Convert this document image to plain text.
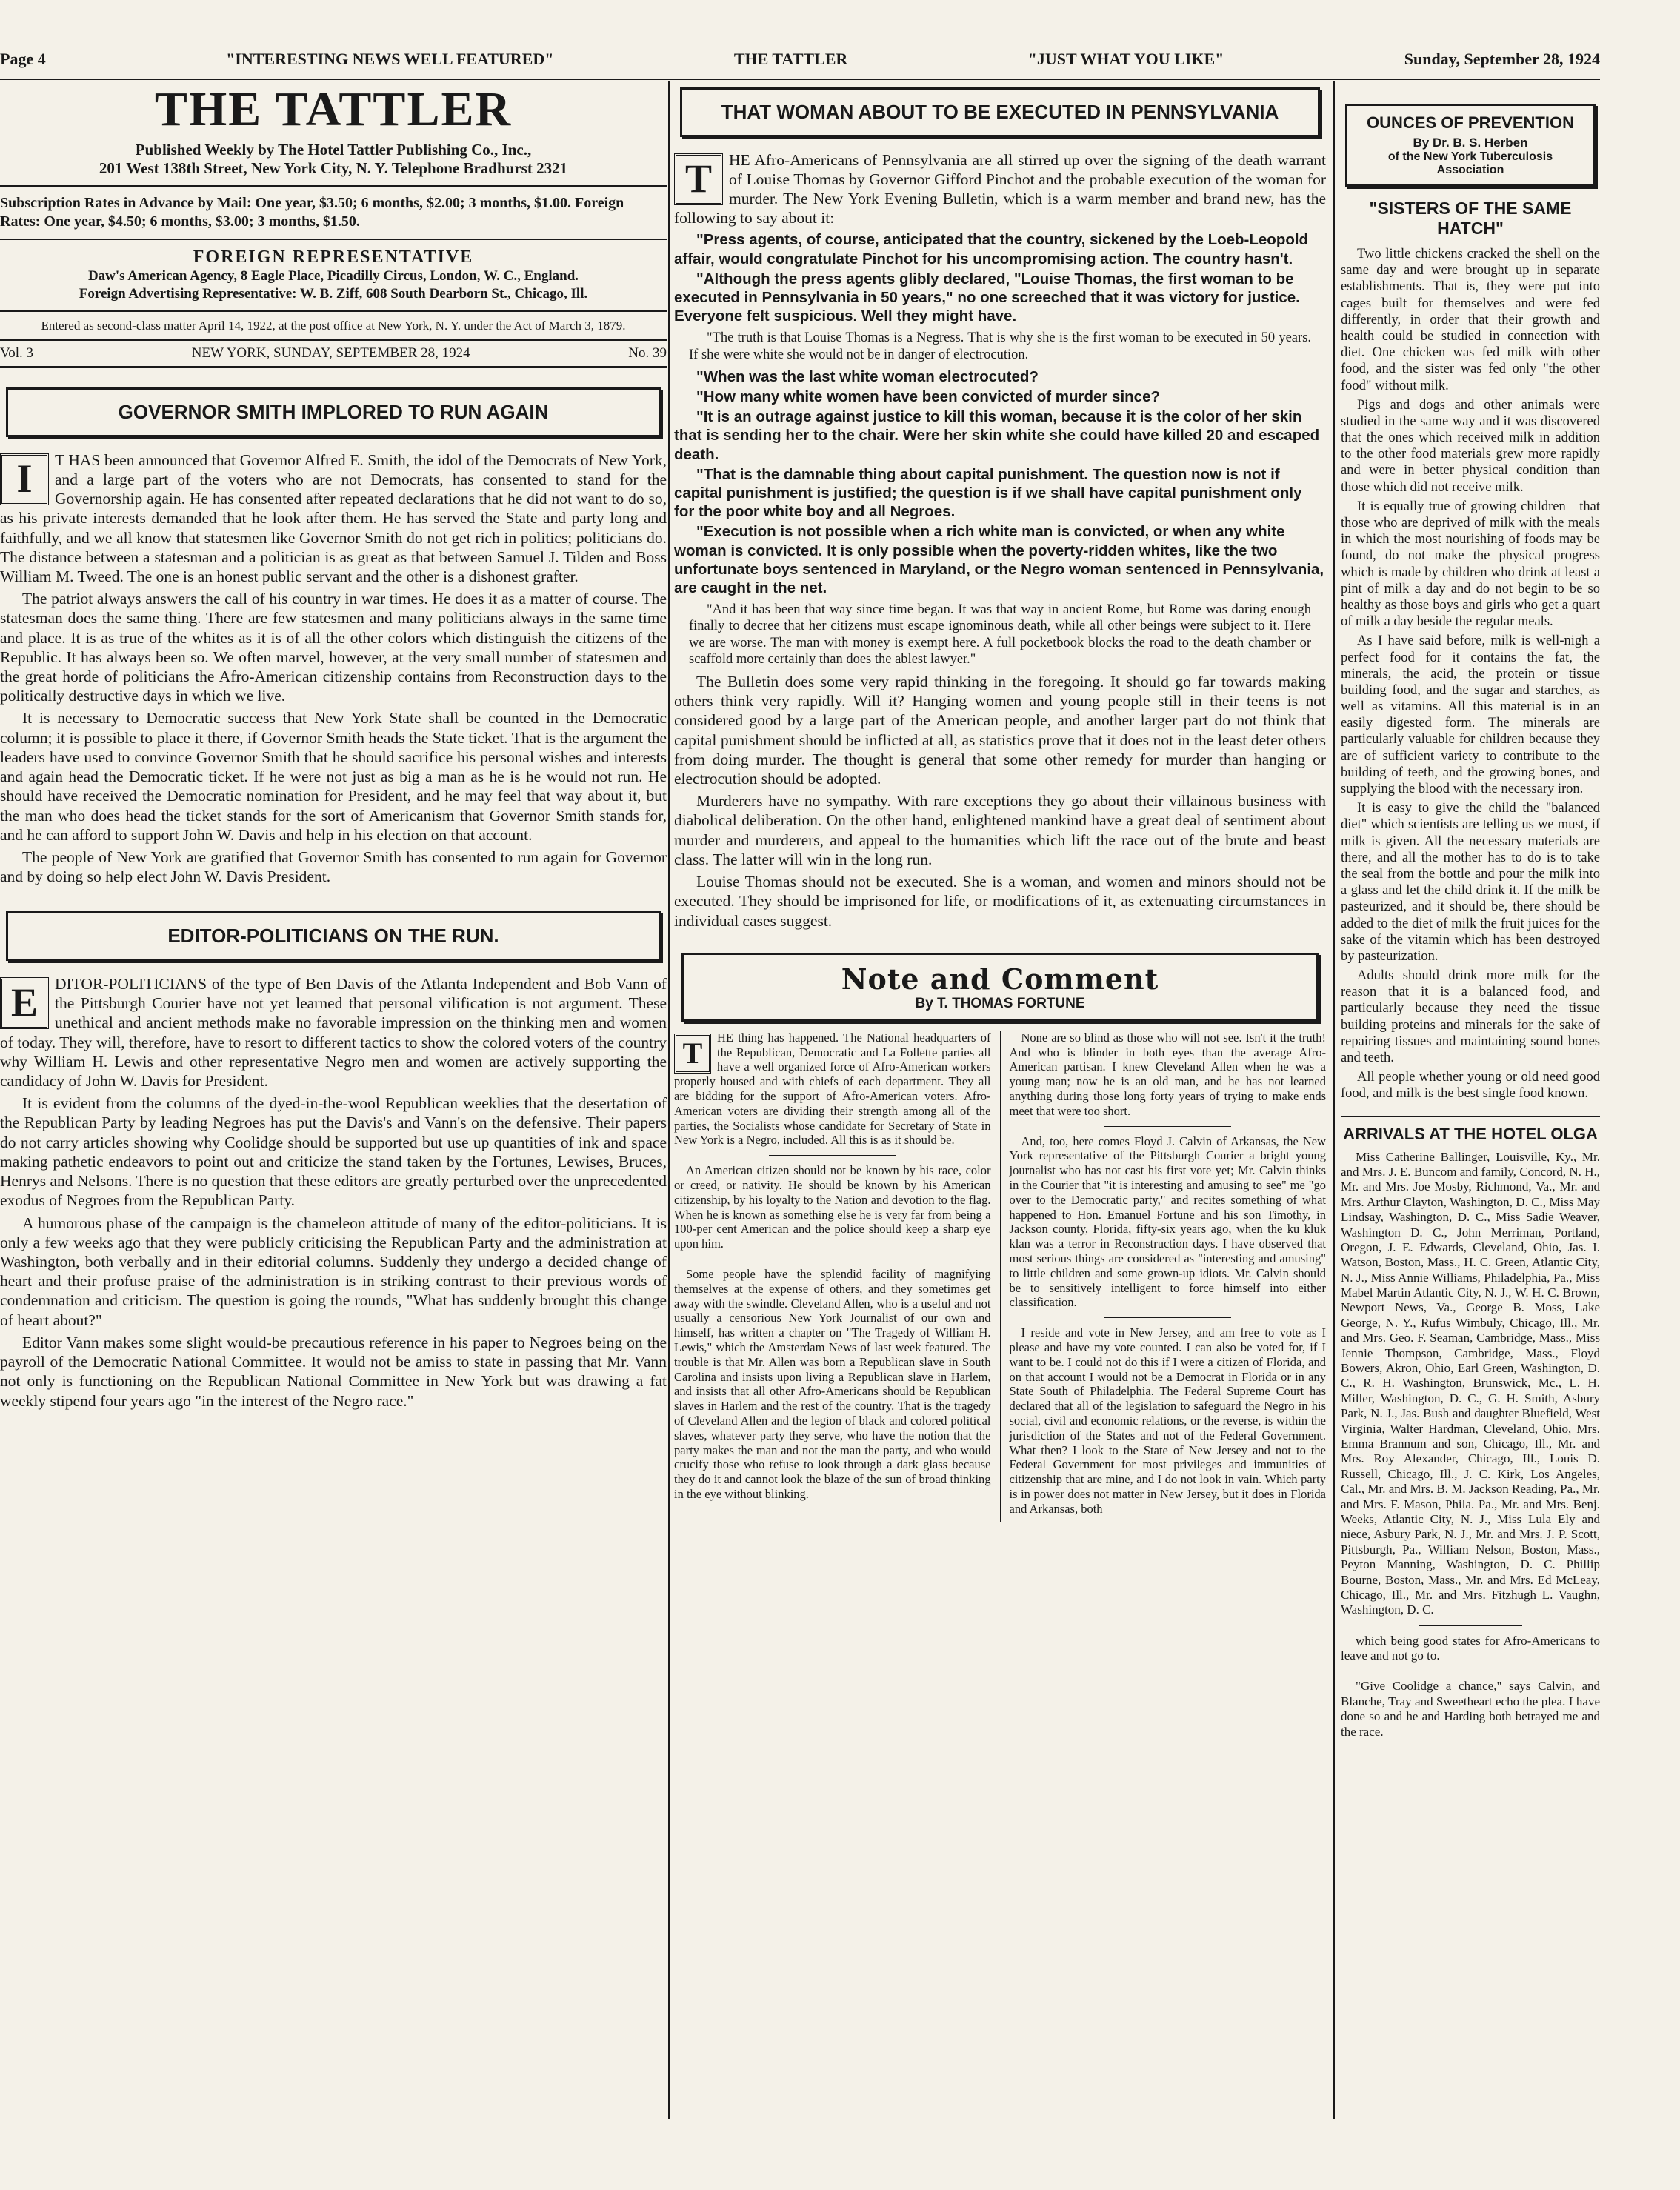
Page 4	"INTERESTING NEWS WELL FEATURED"	THE TATTLER	"JUST WHAT YOU LIKE"	Sunday, September 28, 1924
THE TATTLER
Published Weekly by The Hotel Tattler Publishing Co., Inc.,
201 West 138th Street, New York City, N. Y. Telephone Bradhurst 2321
Subscription Rates in Advance by Mail: One year, $3.50; 6 months, $2.00; 3 months, $1.00. Foreign Rates: One year, $4.50; 6 months, $3.00; 3 months, $1.50.
FOREIGN REPRESENTATIVE
Daw's American Agency, 8 Eagle Place, Picadilly Circus, London, W. C., England.
Foreign Advertising Representative: W. B. Ziff, 608 South Dearborn St., Chicago, Ill.
Entered as second-class matter April 14, 1922, at the post office at New York, N. Y. under the Act of March 3, 1879.
Vol. 3	NEW YORK, SUNDAY, SEPTEMBER 28, 1924	No. 39
GOVERNOR SMITH IMPLORED TO RUN AGAIN

I	T HAS been announced that Governor Alfred E. Smith, the idol of the Democrats of New York, and a large part of the voters who are not Democrats, has consented to stand for the Governorship again. He has consented after repeated declarations that he did not want to do so, as his private interests demanded that he look after them. He has served the State and party long and faithfully, and we all know that statesmen like Governor Smith do not get rich in politics; politicians do. The distance between a statesman and a politician is as great as that between Samuel J. Tilden and Boss William M. Tweed. The one is an honest public servant and the other is a dishonest grafter.

The patriot always answers the call of his country in war times. He does it as a matter of course. The statesman does the same thing. There are few statesmen and many politicians always in the same time and place. It is as true of the whites as it is of all the other colors which distinguish the citizens of the Republic. It has always been so. We often marvel, however, at the very small number of statesmen and the great horde of politicians the Afro-American citizenship contains from Reconstruction days to the politically destructive days in which we live.

It is necessary to Democratic success that New York State shall be counted in the Democratic column; it is possible to place it there, if Governor Smith heads the State ticket. That is the argument the leaders have used to convince Governor Smith that he should sacrifice his personal wishes and interests and again head the Democratic ticket. If he were not just as big a man as he is he would not run. He should have received the Democratic nomination for President, and he may feel that way about it, but the man who does head the ticket stands for the sort of Americanism that Governor Smith stands for, and he can afford to support John W. Davis and help in his election on that account.

The people of New York are gratified that Governor Smith has consented to run again for Governor and by doing so help elect John W. Davis President.

EDITOR-POLITICIANS ON THE RUN.

E	DITOR-POLITICIANS of the type of Ben Davis of the Atlanta Independent and Bob Vann of the Pittsburgh Courier have not yet learned that personal vilification is not argument. These unethical and ancient methods make no favorable impression on the thinking men and women of today. They will, therefore, have to resort to different tactics to show the colored voters of the country why William H. Lewis and other representative Negro men and women are actively supporting the candidacy of John W. Davis for President.

It is evident from the columns of the dyed-in-the-wool Republican weeklies that the desertation of the Republican Party by leading Negroes has put the Davis's and Vann's on the defensive. Their papers do not carry articles showing why Coolidge should be supported but use up quantities of ink and space making pathetic endeavors to point out and criticize the stand taken by the Fortunes, Lewises, Bruces, Henrys and Nelsons. There is no question that these editors are greatly perturbed over the unprecedented exodus of Negroes from the Republican Party.

A humorous phase of the campaign is the chameleon attitude of many of the editor-politicians. It is only a few weeks ago that they were publicly criticising the Republican Party and the administration at Washington, both verbally and in their editorial columns. Suddenly they undergo a decided change of heart and their profuse praise of the administration is in striking contrast to their previous words of condemnation and criticism. The question is going the rounds, "What has suddenly brought this change of heart about?"

Editor Vann makes some slight would-be precautious reference in his paper to Negroes being on the payroll of the Democratic National Committee. It would not be amiss to state in passing that Mr. Vann not only is functioning on the Republican National Committee in New York but was drawing a fat weekly stipend four years ago "in the interest of the Negro race."

THAT WOMAN ABOUT TO BE EXECUTED IN PENNSYLVANIA

T	HE Afro-Americans of Pennsylvania are all stirred up over the signing of the death warrant of Louise Thomas by Governor Gifford Pinchot and the probable execution of the woman for murder. The New York Evening Bulletin, which is a warm member and brand new, has the following to say about it:

"Press agents, of course, anticipated that the country, sickened by the Loeb-Leopold affair, would congratulate Pinchot for his uncompromising action. The country hasn't.

"Although the press agents glibly declared, "Louise Thomas, the first woman to be executed in Pennsylvania in 50 years," no one screeched that it was victory for justice. Everyone felt suspicious. Well they might have.

"The truth is that Louise Thomas is a Negress. That is why she is the first woman to be executed in 50 years. If she were white she would not be in danger of electrocution.

"When was the last white woman electrocuted?

"How many white women have been convicted of murder since?

"It is an outrage against justice to kill this woman, because it is the color of her skin that is sending her to the chair. Were her skin white she could have killed 20 and escaped death.

"That is the damnable thing about capital punishment. The question now is not if capital punishment is justified; the question is if we shall have capital punishment only for the poor white boy and all Negroes.

"Execution is not possible when a rich white man is convicted, or when any white woman is convicted. It is only possible when the poverty-ridden whites, like the two unfortunate boys sentenced in Maryland, or the Negro woman sentenced in Pennsylvania, are caught in the net.

"And it has been that way since time began. It was that way in ancient Rome, but Rome was daring enough finally to decree that her citizens must escape ignominous death, while all other beings were subject to it. Here we are worse. The man with money is exempt here. A full pocketbook blocks the road to the death chamber or scaffold more certainly than does the ablest lawyer."

The Bulletin does some very rapid thinking in the foregoing. It should go far towards making others think very rapidly. Will it? Hanging women and young people still in their teens is not considered good by a large part of the American people, and another larger part do not think that capital punishment should be inflicted at all, as statistics prove that it does not in the least deter others from doing murder. The thought is general that some other remedy for murder than hanging or electrocution should be adopted.

Murderers have no sympathy. With rare exceptions they go about their villainous business with diabolical deliberation. On the other hand, enlightened mankind have a great deal of sentiment about murder and murderers, and appeal to the humanities which lift the race out of the brute and beast class. The latter will win in the long run.

Louise Thomas should not be executed. She is a woman, and women and minors should not be executed. They should be imprisoned for life, or modifications of it, as extenuating circumstances in individual cases suggest.

Note and Comment
By T. THOMAS FORTUNE

T	HE thing has happened. The National headquarters of the Republican, Democratic and La Follette parties all have a well organized force of Afro-American workers properly housed and with chiefs of each department. They all are bidding for the support of Afro-American voters. Afro-American voters are dividing their strength among all of the parties, the Socialists whose candidate for Secretary of State in New York is a Negro, included. All this is as it should be.

An American citizen should not be known by his race, color or creed, or nativity. He should be known by his American citizenship, by his loyalty to the Nation and devotion to the flag. When he is known as something else he is very far from being a 100-per cent American and the police should keep a sharp eye upon him.

Some people have the splendid facility of magnifying themselves at the expense of others, and they sometimes get away with the swindle. Cleveland Allen, who is a useful and not usually a censorious New York Journalist of our own and himself, has written a chapter on "The Tragedy of William H. Lewis," which the Amsterdam News of last week featured. The trouble is that Mr. Allen was born a Republican slave in South Carolina and insists upon living a Republican slave in Harlem, and insists that all other Afro-Americans should be Republican slaves in Harlem and the rest of the country. That is the tragedy of Cleveland Allen and the legion of black and colored political slaves, whatever party they serve, who have the notion that the party makes the man and not the man the party, and who would crucify those who refuse to look through a dark glass because they do it and cannot look the blaze of the sun of broad thinking in the eye without blinking.

None are so blind as those who will not see. Isn't it the truth! And who is blinder in both eyes than the average Afro-American partisan. I knew Cleveland Allen when he was a young man; now he is an old man, and he has not learned anything during those long forty years of trying to make ends meet that were too short.

And, too, here comes Floyd J. Calvin of Arkansas, the New York representative of the Pittsburgh Courier a bright young journalist who has not cast his first vote yet; Mr. Calvin thinks in the Courier that "it is interesting and amusing to see" me "go over to the Democratic party," and recites something of what happened to Hon. Emanuel Fortune and his son Timothy, in Jackson county, Florida, fifty-six years ago, when the ku kluk klan was a terror in Reconstruction days. I have observed that most serious things are considered as "interesting and amusing" to little children and some grown-up idiots. Mr. Calvin should be to sensitively intelligent to force himself into either classification.

I reside and vote in New Jersey, and am free to vote as I please and have my vote counted. I can also be voted for, if I want to be. I could not do this if I were a citizen of Florida, and on that account I would not be a Democrat in Florida or in any State South of Philadelphia. The Federal Supreme Court has declared that all of the legislation to safeguard the Negro in his social, civil and economic relations, or the reverse, is within the jurisdiction of the States and not of the Federal Government. What then? I look to the State of New Jersey and not to the Federal Government for most privileges and immunities of citizenship that are mine, and I do not look in vain. Which party is in power does not matter in New Jersey, but it does in Florida and Arkansas, both

OUNCES OF PREVENTION
By Dr. B. S. Herben
of the New York Tuberculosis Association
"SISTERS OF THE SAME HATCH"

Two little chickens cracked the shell on the same day and were brought up in separate establishments. That is, they were put into cages built for themselves and were fed differently, in order that their growth and health could be studied in connection with diet. One chicken was fed milk with other food, and the sister was fed only "the other food" without milk.

Pigs and dogs and other animals were studied in the same way and it was discovered that the ones which received milk in addition to the other food materials grew more rapidly and were in better physical condition than those which did not receive milk.

It is equally true of growing children—that those who are deprived of milk with the meals in which the most nourishing of foods may be found, do not make the physical progress which is made by children who drink at least a pint of milk a day and do not begin to be so healthy as those boys and girls who get a quart of milk a day beside the regular meals.

As I have said before, milk is well-nigh a perfect food for it contains the fat, the minerals, the acid, the protein or tissue building food, and the sugar and starches, as well as vitamins. All this material is in an easily digested form. The minerals are particularly valuable for children because they are of sufficient variety to contribute to the building of teeth, and the growing bones, and supplying the blood with the necessary iron.

It is easy to give the child the "balanced diet" which scientists are telling us we must, if milk is given. All the necessary materials are there, and all the mother has to do is to take the seal from the bottle and pour the milk into a glass and let the child drink it. If the milk be pasteurized, and it should be, there should be added to the diet of milk the fruit juices for the sake of the vitamin which has been destroyed by pasteurization.

Adults should drink more milk for the reason that it is a balanced food, and particularly because they need the tissue building proteins and minerals for the sake of repairing tissues and maintaining sound bones and teeth.

All people whether young or old need good food, and milk is the best single food known.

ARRIVALS AT THE HOTEL OLGA

Miss Catherine Ballinger, Louisville, Ky., Mr. and Mrs. J. E. Buncom and family, Concord, N. H., Mr. and Mrs. Joe Mosby, Richmond, Va., Mr. and Mrs. Arthur Clayton, Washington, D. C., Miss May Lindsay, Washington, D. C., Miss Sadie Weaver, Washington D. C., John Merriman, Portland, Oregon, J. E. Edwards, Cleveland, Ohio, Jas. I. Watson, Boston, Mass., H. C. Green, Atlantic City, N. J., Miss Annie Williams, Philadelphia, Pa., Miss Mabel Martin Atlantic City, N. J., W. H. C. Brown, Newport News, Va., George B. Moss, Lake George, N. Y., Rufus Wimbuly, Chicago, Ill., Mr. and Mrs. Geo. F. Seaman, Cambridge, Mass., Miss Jennie Thompson, Cambridge, Mass., Floyd Bowers, Akron, Ohio, Earl Green, Washington, D. C., R. H. Washington, Brunswick, Mc., L. H. Miller, Washington, D. C., G. H. Smith, Asbury Park, N. J., Jas. Bush and daughter Bluefield, West Virginia, Walter Hardman, Cleveland, Ohio, Mrs. Emma Brannum and son, Chicago, Ill., Mr. and Mrs. Roy Alexander, Chicago, Ill., Louis D. Russell, Chicago, Ill., J. C. Kirk, Los Angeles, Cal., Mr. and Mrs. B. M. Jackson Reading, Pa., Mr. and Mrs. F. Mason, Phila. Pa., Mr. and Mrs. Benj. Weeks, Atlantic City, N. J., Miss Lula Ely and niece, Asbury Park, N. J., Mr. and Mrs. J. P. Scott, Pittsburgh, Pa., William Nelson, Boston, Mass., Peyton Manning, Washington, D. C. Phillip Bourne, Boston, Mass., Mr. and Mrs. Ed McLeay, Chicago, Ill., Mr. and Mrs. Fitzhugh L. Vaughn, Washington, D. C.

which being good states for Afro-Americans to leave and not go to.

"Give Coolidge a chance," says Calvin, and Blanche, Tray and Sweetheart echo the plea. I have done so and he and Harding both betrayed me and the race.
